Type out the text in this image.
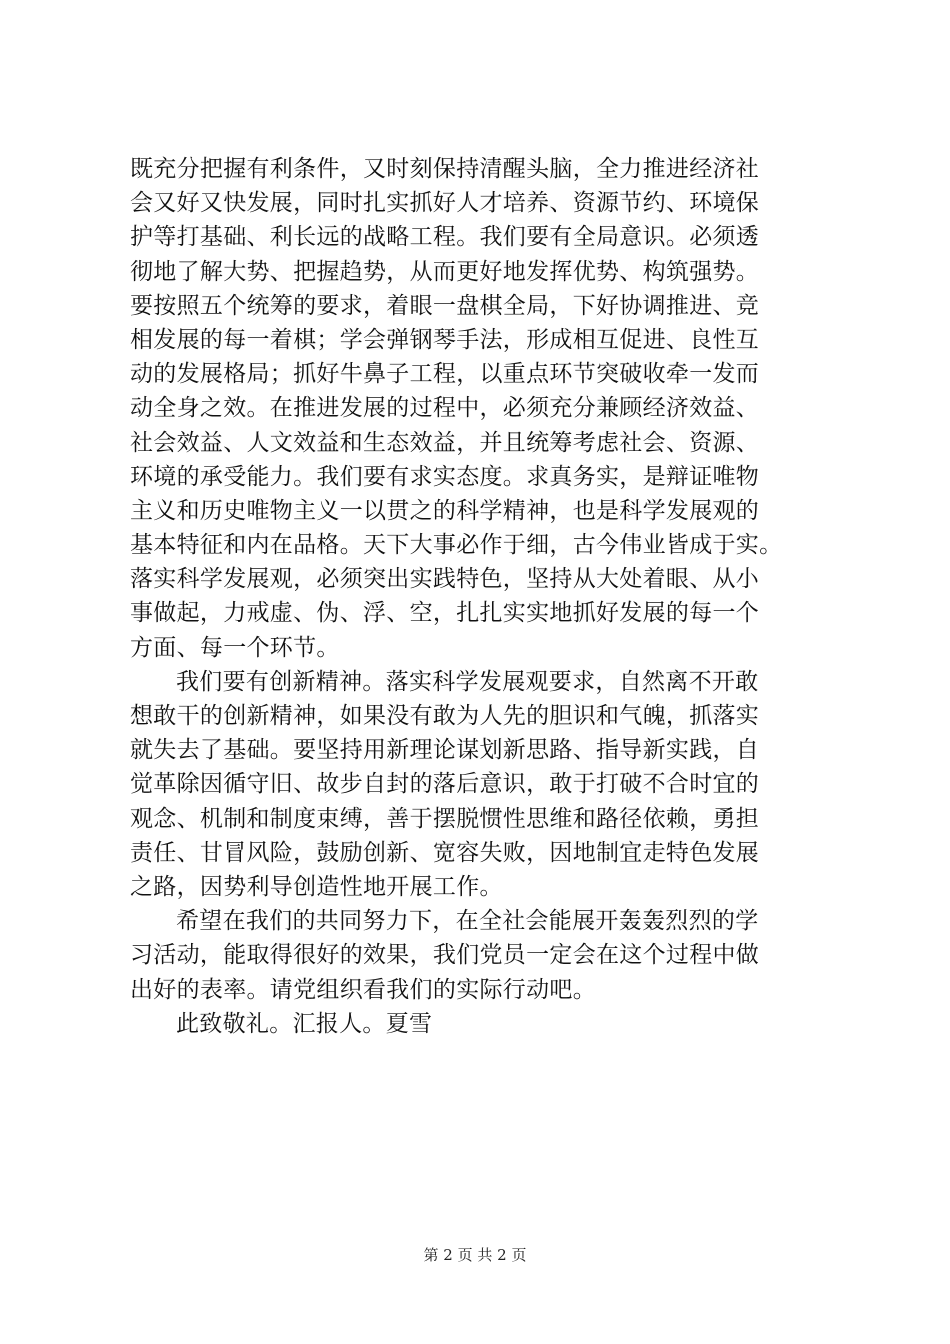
既充分把握有利条件，又时刻保持清醒头脑，全力推进经济社
会又好又快发展，同时扎实抓好人才培养、资源节约、环境保
护等打基础、利长远的战略工程。我们要有全局意识。必须透
彻地了解大势、把握趋势，从而更好地发挥优势、构筑强势。
要按照五个统筹的要求，着眼一盘棋全局，下好协调推进、竞
相发展的每一着棋；学会弹钢琴手法，形成相互促进、良性互
动的发展格局；抓好牛鼻子工程，以重点环节突破收牵一发而
动全身之效。在推进发展的过程中，必须充分兼顾经济效益、
社会效益、人文效益和生态效益，并且统筹考虑社会、资源、
环境的承受能力。我们要有求实态度。求真务实，是辩证唯物
主义和历史唯物主义一以贯之的科学精神，也是科学发展观的
基本特征和内在品格。天下大事必作于细，古今伟业皆成于实。
落实科学发展观，必须突出实践特色，坚持从大处着眼、从小
事做起，力戒虚、伪、浮、空，扎扎实实地抓好发展的每一个
方面、每一个环节。
我们要有创新精神。落实科学发展观要求，自然离不开敢
想敢干的创新精神，如果没有敢为人先的胆识和气魄，抓落实
就失去了基础。要坚持用新理论谋划新思路、指导新实践，自
觉革除因循守旧、故步自封的落后意识，敢于打破不合时宜的
观念、机制和制度束缚，善于摆脱惯性思维和路径依赖，勇担
责任、甘冒风险，鼓励创新、宽容失败，因地制宜走特色发展
之路，因势利导创造性地开展工作。
希望在我们的共同努力下，在全社会能展开轰轰烈烈的学
习活动，能取得很好的效果，我们党员一定会在这个过程中做
出好的表率。请党组织看我们的实际行动吧。
此致敬礼。汇报人。夏雪
第 2 页 共 2 页
